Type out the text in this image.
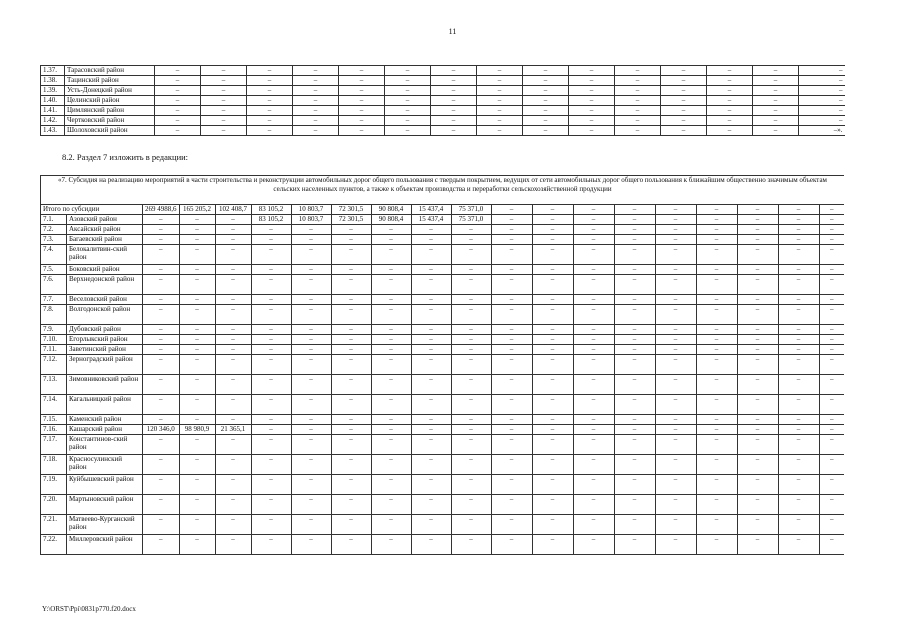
11
1.37.	Тарасовский район	–	–	–	–	–	–	–	–	–	–	–	–	–	–	–
1.38.	Тацинский район	–	–	–	–	–	–	–	–	–	–	–	–	–	–	–
1.39.	Усть-Донецкий район	–	–	–	–	–	–	–	–	–	–	–	–	–	–	–
1.40.	Целинский район	–	–	–	–	–	–	–	–	–	–	–	–	–	–	–
1.41.	Цимлянский район	–	–	–	–	–	–	–	–	–	–	–	–	–	–	–
1.42.	Чертковский район	–	–	–	–	–	–	–	–	–	–	–	–	–	–	–
1.43.	Шолоховский район	–	–	–	–	–	–	–	–	–	–	–	–	–	–	–».
8.2. Раздел 7 изложить в редакции:
«7. Субсидия на реализацию мероприятий в части строительства и реконструкции автомобильных дорог общего пользования с твердым покрытием, ведущих от сети автомобильных дорог общего пользования к ближайшим общественно значимым объектам сельских населенных пунктов, а также к объектам производства и переработки сельскохозяйственной продукции																			
Итого по субсидии		269 4988,6	165 205,2	102 408,7	83 105,2	10 803,7	72 301,5	90 808,4	15 437,4	75 371,0	–	–	–	–	–	–	–	–	–
7.1.	Азовский район	–	–	–	83 105,2	10 803,7	72 301,5	90 808,4	15 437,4	75 371,0	–	–	–	–	–	–	–	–	–
7.2.	Аксайский район	–	–	–	–	–	–	–	–	–	–	–	–	–	–	–	–	–	–
7.3.	Багаевский район	–	–	–	–	–	–	–	–	–	–	–	–	–	–	–	–	–	–
7.4.	Белокалитвин-ский район	–	–	–	–	–	–	–	–	–	–	–	–	–	–	–	–	–	–
7.5.	Боковский район	–	–	–	–	–	–	–	–	–	–	–	–	–	–	–	–	–	–
7.6.	Верхнедонской район	–	–	–	–	–	–	–	–	–	–	–	–	–	–	–	–	–	–
7.7.	Веселовский район	–	–	–	–	–	–	–	–	–	–	–	–	–	–	–	–	–	–
7.8.	Волгодонской район	–	–	–	–	–	–	–	–	–	–	–	–	–	–	–	–	–	–
7.9.	Дубовский район	–	–	–	–	–	–	–	–	–	–	–	–	–	–	–	–	–	–
7.10.	Егорлыкский район	–	–	–	–	–	–	–	–	–	–	–	–	–	–	–	–	–	–
7.11.	Заветинский район	–	–	–	–	–	–	–	–	–	–	–	–	–	–	–	–	–	–
7.12.	Зерноградский район	–	–	–	–	–	–	–	–	–	–	–	–	–	–	–	–	–	–
7.13.	Зимовниковский район	–	–	–	–	–	–	–	–	–	–	–	–	–	–	–	–	–	–
7.14.	Кагальницкий район	–	–	–	–	–	–	–	–	–	–	–	–	–	–	–	–	–	–
7.15.	Каменский район	–	–	–	–	–	–	–	–	–	–	–	–	–	–	–	–	–	–
7.16.	Кашарский район	120 346,0	98 980,9	21 365,1	–	–	–	–	–	–	–	–	–	–	–	–	–	–	–
7.17.	Константинов-ский район	–	–	–	–	–	–	–	–	–	–	–	–	–	–	–	–	–	–
7.18.	Красносулинский район	–	–	–	–	–	–	–	–	–	–	–	–	–	–	–	–	–	–
7.19.	Куйбышевский район	–	–	–	–	–	–	–	–	–	–	–	–	–	–	–	–	–	–
7.20.	Мартыновский район	–	–	–	–	–	–	–	–	–	–	–	–	–	–	–	–	–	–
7.21.	Матвеево-Курганский район	–	–	–	–	–	–	–	–	–	–	–	–	–	–	–	–	–	–
7.22.	Миллеровский район	–	–	–	–	–	–	–	–	–	–	–	–	–	–	–	–	–	–
Y:\ORST\Ppi\0831p770.f20.docx
